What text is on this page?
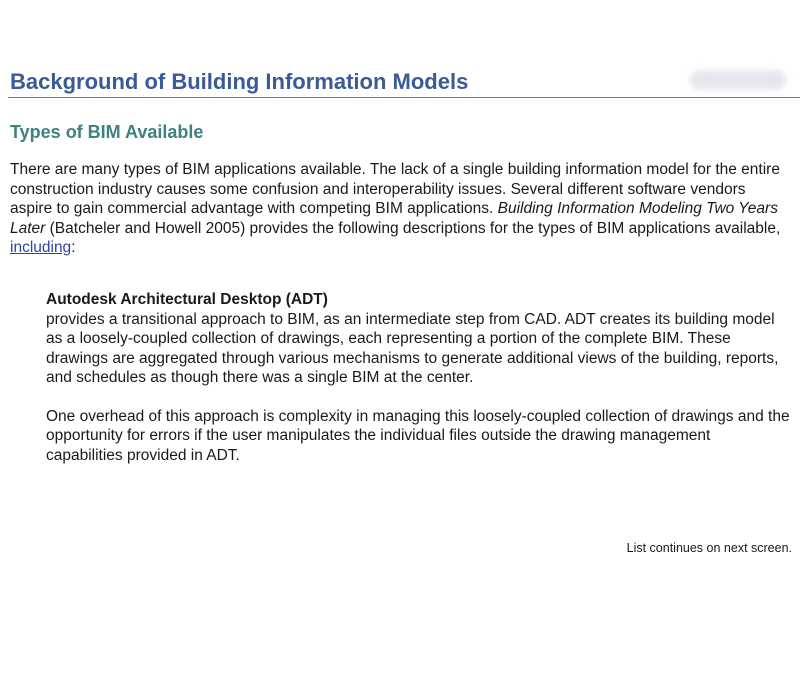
Background of Building Information Models
Types of BIM Available
There are many types of BIM applications available. The lack of a single building information model for the entire construction industry causes some confusion and interoperability issues. Several different software vendors aspire to gain commercial advantage with competing BIM applications. Building Information Modeling Two Years Later (Batcheler and Howell 2005) provides the following descriptions for the types of BIM applications available, including:
Autodesk Architectural Desktop (ADT)

provides a transitional approach to BIM, as an intermediate step from CAD. ADT creates its building model as a loosely-coupled collection of drawings, each representing a portion of the complete BIM. These drawings are aggregated through various mechanisms to generate additional views of the building, reports, and schedules as though there was a single BIM at the center.

One overhead of this approach is complexity in managing this loosely-coupled collection of drawings and the opportunity for errors if the user manipulates the individual files outside the drawing management capabilities provided in ADT.

List continues on next screen.
